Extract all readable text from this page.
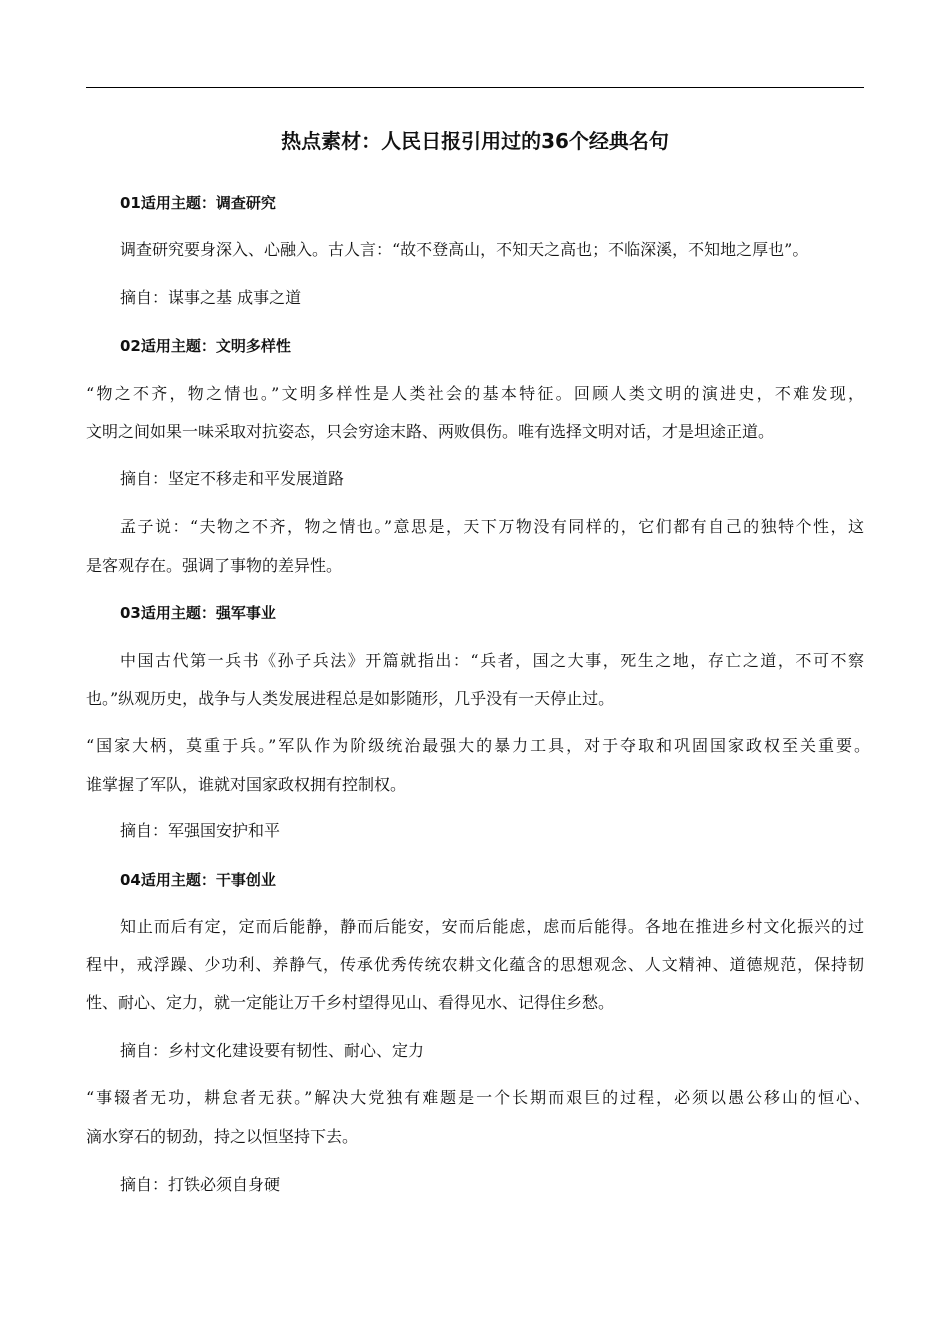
热点素材：人民日报引用过的36个经典名句
01适用主题：调查研究
调查研究要身深入、心融入。古人言：“故不登高山，不知天之高也；不临深溪，不知地之厚也”。
摘自：谋事之基 成事之道
02适用主题：文明多样性
“物之不齐，物之情也。”文明多样性是人类社会的基本特征。回顾人类文明的演进史，不难发现，
文明之间如果一味采取对抗姿态，只会穷途末路、两败俱伤。唯有选择文明对话，才是坦途正道。
摘自：坚定不移走和平发展道路
孟子说：“夫物之不齐，物之情也。”意思是，天下万物没有同样的，它们都有自己的独特个性，这
是客观存在。强调了事物的差异性。
03适用主题：强军事业
中国古代第一兵书《孙子兵法》开篇就指出：“兵者，国之大事，死生之地，存亡之道，不可不察
也。”纵观历史，战争与人类发展进程总是如影随形，几乎没有一天停止过。
“国家大柄，莫重于兵。”军队作为阶级统治最强大的暴力工具，对于夺取和巩固国家政权至关重要。
谁掌握了军队，谁就对国家政权拥有控制权。
摘自：军强国安护和平
04适用主题：干事创业
知止而后有定，定而后能静，静而后能安，安而后能虑，虑而后能得。各地在推进乡村文化振兴的过
程中，戒浮躁、少功利、养静气，传承优秀传统农耕文化蕴含的思想观念、人文精神、道德规范，保持韧
性、耐心、定力，就一定能让万千乡村望得见山、看得见水、记得住乡愁。
摘自：乡村文化建设要有韧性、耐心、定力
“事辍者无功，耕怠者无获。”解决大党独有难题是一个长期而艰巨的过程，必须以愚公移山的恒心、
滴水穿石的韧劲，持之以恒坚持下去。
摘自：打铁必须自身硬
